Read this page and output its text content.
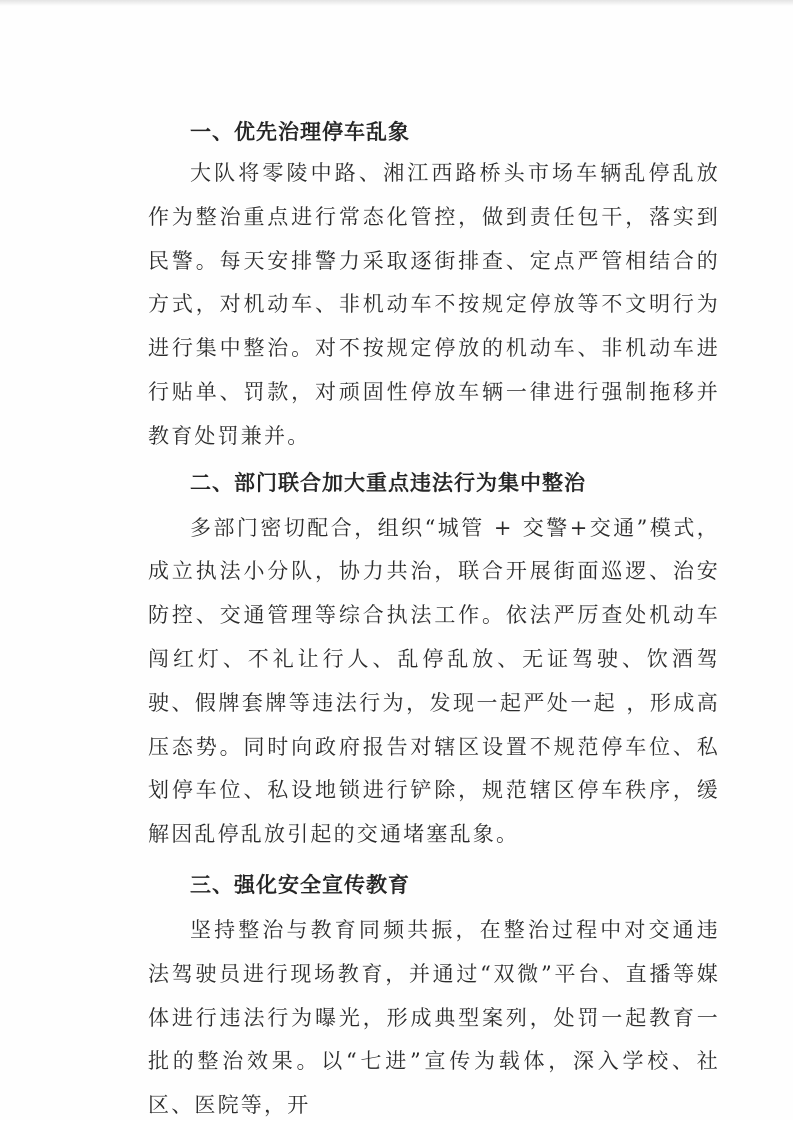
一、优先治理停车乱象

大队将零陵中路、湘江西路桥头市场车辆乱停乱放作为整治重点进行常态化管控，做到责任包干，落实到民警。每天安排警力采取逐街排查、定点严管相结合的方式，对机动车、非机动车不按规定停放等不文明行为进行集中整治。对不按规定停放的机动车、非机动车进行贴单、罚款，对顽固性停放车辆一律进行强制拖移并教育处罚兼并。

二、部门联合加大重点违法行为集中整治

多部门密切配合，组织“城管 + 交警+交通”模式，成立执法小分队，协力共治，联合开展街面巡逻、治安防控、交通管理等综合执法工作。依法严厉查处机动车闯红灯、不礼让行人、乱停乱放、无证驾驶、饮酒驾驶、假牌套牌等违法行为，发现一起严处一起 ，形成高压态势。同时向政府报告对辖区设置不规范停车位、私划停车位、私设地锁进行铲除，规范辖区停车秩序，缓解因乱停乱放引起的交通堵塞乱象。

三、强化安全宣传教育

坚持整治与教育同频共振，在整治过程中对交通违法驾驶员进行现场教育，并通过“双微”平台、直播等媒体进行违法行为曝光，形成典型案列，处罚一起教育一批的整治效果。以“七进”宣传为载体，深入学校、社区、医院等，开
